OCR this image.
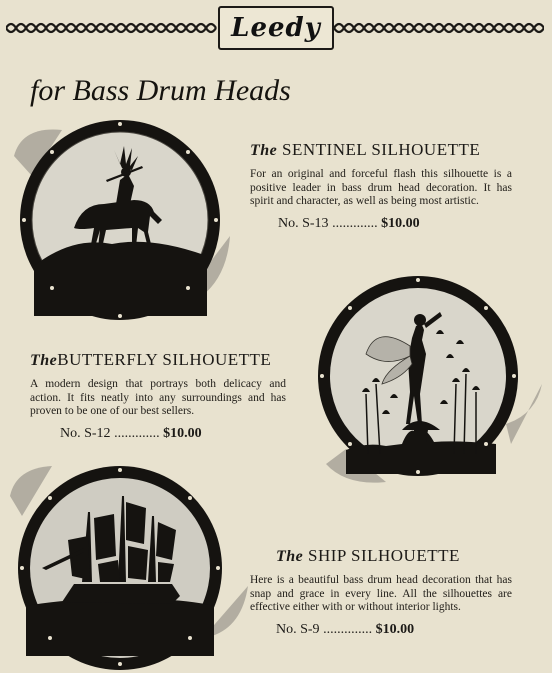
Leedy
for Bass Drum Heads
The SENTINEL SILHOUETTE
For an original and forceful flash this silhouette is a positive leader in bass drum head decoration. It has spirit and character, as well as being most artistic.
No. S-13 ............. $10.00
TheBUTTERFLY SILHOUETTE
A modern design that portrays both delicacy and action. It fits neatly into any surroundings and has proven to be one of our best sellers.
No. S-12 ............. $10.00
The SHIP SILHOUETTE
Here is a beautiful bass drum head decoration that has snap and grace in every line. All the silhouettes are effective either with or without interior lights.
No. S-9 .............. $10.00
